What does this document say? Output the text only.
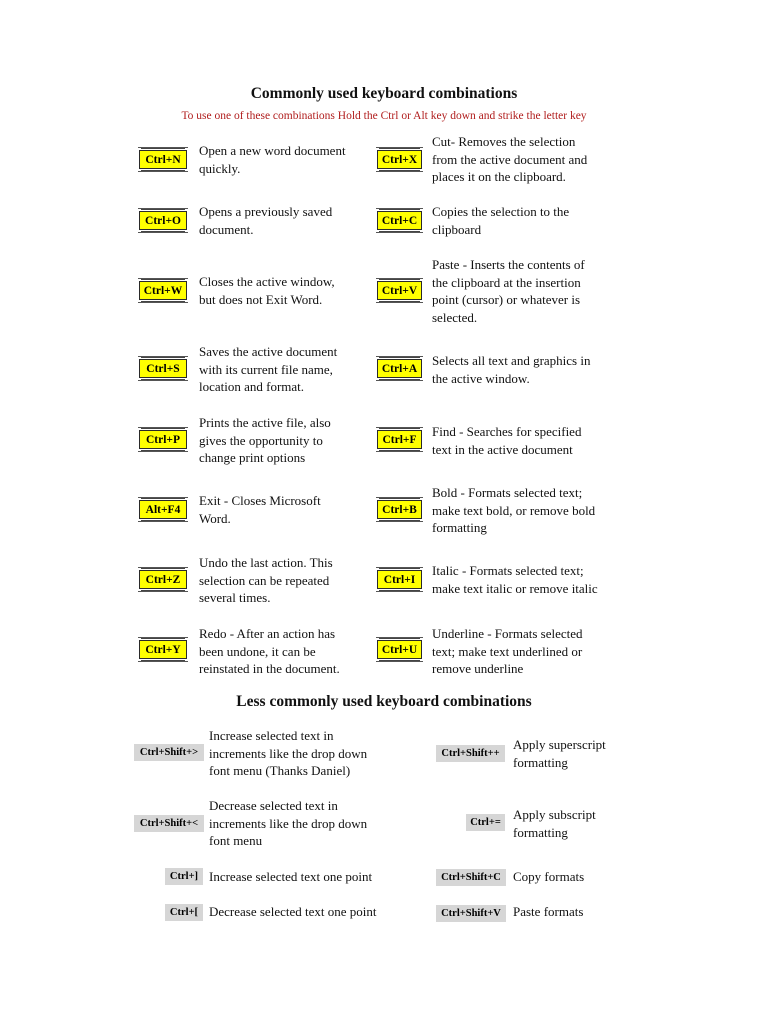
Commonly used keyboard combinations
To use one of these combinations Hold the Ctrl or Alt key down and strike the letter key
Ctrl+N
Open a new word document
quickly.
Ctrl+X
Cut- Removes the selection
from the active document and
places it on the clipboard.
Ctrl+O
Opens a previously saved
document.
Ctrl+C
Copies the selection to the
clipboard
Ctrl+W
Closes the active window,
but does not Exit Word.
Ctrl+V
Paste - Inserts the contents of
the clipboard at the insertion
point (cursor) or whatever is
selected.
Ctrl+S
Saves the active document
with its current file name,
location and format.
Ctrl+A
Selects all text and graphics in
the active window.
Ctrl+P
Prints the active file, also
gives the opportunity to
change print options
Ctrl+F
Find - Searches for specified
text in the active document
Alt+F4
Exit - Closes Microsoft
Word.
Ctrl+B
Bold - Formats selected text;
make text bold, or remove bold
formatting
Ctrl+Z
Undo the last action. This
selection can be repeated
several times.
Ctrl+I
Italic - Formats selected text;
make text italic or remove italic
Ctrl+Y
Redo - After an action has
been undone, it can be
reinstated in the document.
Ctrl+U
Underline - Formats selected
text; make text underlined or
remove underline
Less commonly used keyboard combinations
Ctrl+Shift+>
Increase selected text in
increments like the drop down
font menu (Thanks Daniel)
Ctrl+Shift++
Apply superscript
formatting
Ctrl+Shift+<
Decrease selected text in
increments like the drop down
font menu
Ctrl+=
Apply subscript
formatting
Ctrl+] Increase selected text one point	Ctrl+Shift+C Copy formats
Ctrl+[ Decrease selected text one point	Ctrl+Shift+V Paste formats
